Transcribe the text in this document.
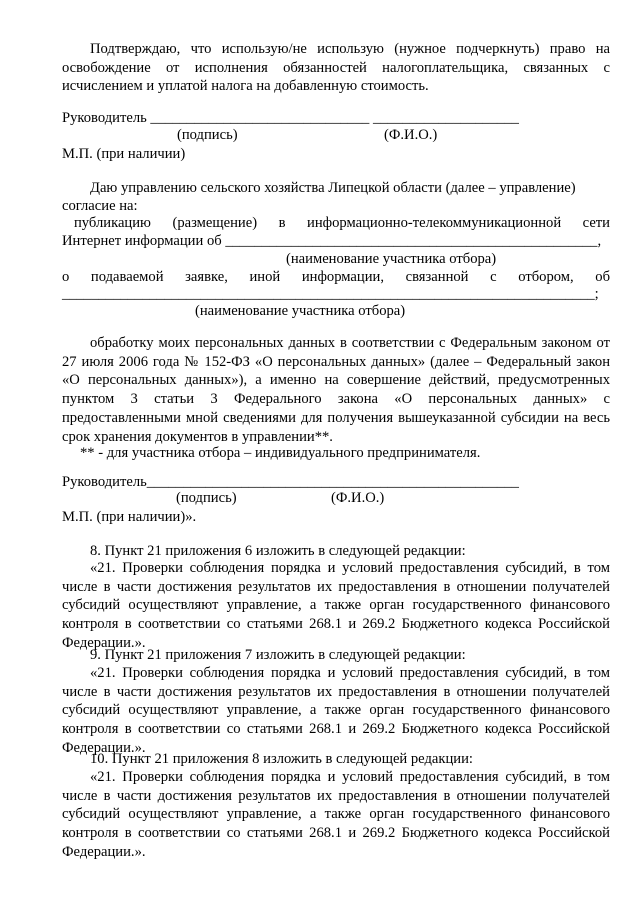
Подтверждаю, что использую/не использую (нужное подчеркнуть) право на освобождение от исполнения обязанностей налогоплательщика, связанных с исчислением и уплатой налога на добавленную стоимость.

Руководитель ______________________________ ____________________
(подпись)	(Ф.И.О.)
М.П. (при наличии)
Даю управлению сельского хозяйства Липецкой области (далее – управление)
согласие на:
публикацию (размещение) в информационно-телекоммуникационной сети
Интернет информации об ___________________________________________________,
(наименование участника отбора)
о подаваемой заявке, иной информации, связанной с отбором, об
_________________________________________________________________________;
(наименование участника отбора)

обработку моих персональных данных в соответствии с Федеральным законом от 27 июля 2006 года № 152-ФЗ «О персональных данных» (далее – Федеральный закон «О персональных данных»), а именно на совершение действий, предусмотренных пунктом 3 статьи 3 Федерального закона «О персональных данных» с предоставленными мной сведениями для получения вышеуказанной субсидии на весь срок хранения документов в управлении**.

** - для участника отбора – индивидуального предпринимателя.
Руководитель___________________________________________________
(подпись)	(Ф.И.О.)
М.П. (при наличии)».
8. Пункт 21 приложения 6 изложить в следующей редакции:

«21. Проверки соблюдения порядка и условий предоставления субсидий, в том числе в части достижения результатов их предоставления в отношении получателей субсидий осуществляют управление, а также орган государственного финансового контроля в соответствии со статьями 268.1 и 269.2 Бюджетного кодекса Российской Федерации.».

9. Пункт 21 приложения 7 изложить в следующей редакции:

«21. Проверки соблюдения порядка и условий предоставления субсидий, в том числе в части достижения результатов их предоставления в отношении получателей субсидий осуществляют управление, а также орган государственного финансового контроля в соответствии со статьями 268.1 и 269.2 Бюджетного кодекса Российской Федерации.».

10. Пункт 21 приложения 8 изложить в следующей редакции:

«21. Проверки соблюдения порядка и условий предоставления субсидий, в том числе в части достижения результатов их предоставления в отношении получателей субсидий осуществляют управление, а также орган государственного финансового контроля в соответствии со статьями 268.1 и 269.2 Бюджетного кодекса Российской Федерации.».
